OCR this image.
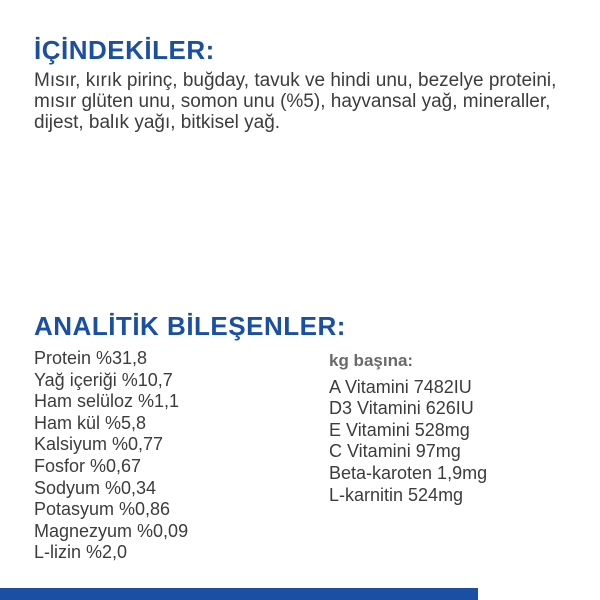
İÇİNDEKİLER:

Mısır, kırık pirinç, buğday, tavuk ve hindi unu, bezelye proteini, mısır glüten unu, somon unu (%5), hayvansal yağ, mineraller, dijest, balık yağı, bitkisel yağ.

ANALİTİK BİLEŞENLER:
Protein %31,8
Yağ içeriği %10,7
Ham selüloz %1,1
Ham kül %5,8
Kalsiyum %0,77
Fosfor %0,67
Sodyum %0,34
Potasyum %0,86
Magnezyum %0,09
L-lizin %2,0
kg başına:
A Vitamini 7482IU
D3 Vitamini 626IU
E Vitamini 528mg
C Vitamini 97mg
Beta-karoten 1,9mg
L-karnitin 524mg
